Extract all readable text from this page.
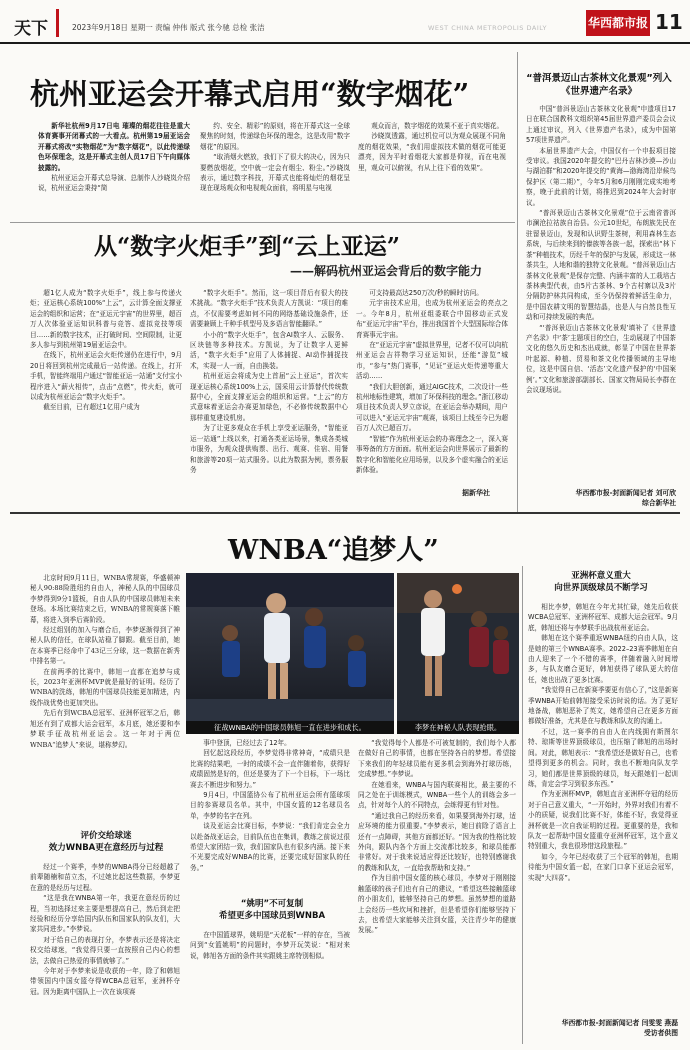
天下	2023年9月18日 星期一 责编 仲伟 版式 张今驰 总检 张洁	WEST CHINA METROPOLIS DAILY	华西都市报 11
杭州亚运会开幕式启用“数字烟花”

新华社杭州9月17日电 璀璨的烟花往往是重大体育赛事开闭幕式的一大看点。杭州第19届亚运会开幕式将改“实物烟花”为“数字烟花”，以此传递绿色环保理念，这是开幕式主创人员17日下午向媒体披露的。

杭州亚运会开幕式总导演、总制作人沙晓岚介绍说，杭州亚运会秉持“简

约、安全、精彩”的原则，将在开幕式这一全球聚焦的时刻，传递绿色环保的理念，这是改用“数字烟花”的原因。

“取消烟火燃放，我们下了很大的决心，因为只要燃放烟花，空中就一定会有烟尘、粉尘。”沙晓岚表示，通过数字科技，开幕式也能将灿烂的烟花呈现在现场观众和电视观众面前，将明星与电视

观众而言，数字烟花的效果不亚于真实烟花。

沙晓岚透露，通过机位可以为观众展现不同角度的烟花效果，“我们用虚拟技术做的烟花可能更漂亮，因为平时看烟花大家都是仰视，而在电视里，观众可以俯视，有从上往下看的效果”。

从“数字火炬手”到“云上亚运”
——解码杭州亚运会背后的数字能力

超1亿人成为“数字火炬手”，线上参与传递火炬；亚运核心系统100%“上云”，云计算全面支撑亚运会的组织和运营；在“亚运元宇宙”的世界里，超百万人次体验亚运知识科普与竞答、虚拟竞技等项目……新的数字技术，正打破时间、空间限制，让更多人参与到杭州第19届亚运会中。

在线下，杭州亚运会火炬传递仍在进行中，9月20日将回到杭州完成最后一站传递。在线上，打开手机，智能终端用户通过“智能亚运一站通”支付宝小程序进入“薪火相传”，点击“点燃”，传火炬，就可以成为杭州亚运会“数字火炬手”。

截至目前，已有超过1亿用户成为

“数字火炬手”。然而，这一项目背后有很大的技术挑战。“数字火炬手”技术负责人方凯说：“项目的难点，不仅需要考虑如何不同的网络基础设施条件，还需要兼顾上千种手机型号及多语言智能翻译。”

小小的“数字火炬手”，包含AI数字人、云服务、区块链等多种技术。方凯说，为了让数字人更鲜活，“数字火炬手”应用了人体捕捉、AI动作捕捉技术，实现一人一面，自由换装。

杭州亚运会将成为史上首届“云上亚运”，首次实现亚运核心系统100%上云，国采用云计算替代传统数据中心，全面支撑亚运会的组织和运营。“上云”的方式意味着亚运会办赛更加绿色，不必修传统数据中心那样重复建设机房。

为了让更多观众在手机上享受亚运服务，“智能亚运一站通”上线以来，打通各类亚运场景，集成各类城市服务，为观众提供购票、出行、观赛、住宿、用餐和旅游等20项一站式服务。以此为数据为例，票务服务

可支持最高达250万次/秒的瞬时访问。

元宇宙技术应用，也成为杭州亚运会的亮点之一。今年8月，杭州亚组委联合中国移动正式发布“亚运元宇宙”平台，推出我国首个大型国际综合体育赛事元宇宙。

在“亚运元宇宙”虚拟世界里，记者不仅可以向杭州亚运会吉祥物学习亚运知识，还能“游览”城市，“参与”热门赛事，“见证”亚运火炬传递等重大活动……

“我们大胆创新，通过AIGC技术，二次设计一些杭州地标性建筑，增加了环保科技的理念。”浙江移动项目技术负责人罗立彦说，在亚运会举办期间，用户可以进入“亚运元宇宙”观赛，该项目上线至今已为超百万人次已超百万。

“智能”作为杭州亚运会的办赛理念之一，深入赛事筹备的方方面面。杭州亚运会向世界展示了最新的数字化和智能化应用场景，以及多个虚实融合的亚运新体验。

据新华社
“普洱景迈山古茶林文化景观”列入《世界遗产名录》

中国“普洱景迈山古茶林文化景观”申遗项目17日在联合国教科文组织第45届世界遗产委员会会议上通过审议，列入《世界遗产名录》，成为中国第57项世界遗产。

本届世界遗产大会，中国仅有一个申报项目接受审议。我国2020年提交的“巴丹吉林沙漠—沙山与湖泊群”和2020年提交的“黄海—渤海湾沿岸候鸟保护区（第二期）”，今年5月和6月刚刚完成实地考察，晚于此前的计划，将推迟到2024年大会时审议。

“普洱景迈山古茶林文化景观”位于云南省普洱市澜沧拉祜族自治县。公元10世纪，布朗族先民在驻留景迈山，发现和认识野生茶树，利用森林生态系统，与后续来到的傣族等各族一起，探索出“林下茶”种植技术，历经千年的保护与发展，形成这一林茶共生，人地和谐的独特文化景观。“普洱景迈山古茶林文化景观”是保存完整、内涵丰富的人工栽培古茶林典型代表，由5片古茶林、9个古村寨以及3片分隔防护林共同构成，至今仍保持着鲜活生命力，是中国农耕文明的智慧结晶，也是人与自然良性互动和可持续发展的典范。

“‘普洱景迈山古茶林文化景观’填补了《世界遗产名录》中‘茶’主题项目的空白，生动展现了中国茶文化的悠久历史和杰出成就，彰显了中国在世界茶叶起源、种植、贸易和茶文化传播领域的主导地位，这是中国自信、‘活态’文化遗产保护的‘中国案例’。”文化和旅游部副部长、国家文物局局长李群在会议现场说。

华西都市报-封面新闻记者 刘可欣
综合新华社
WNBA“追梦人”

北京时间9月11日，WNBA常规赛，华盛顿神秘人90:88险胜纽约自由人，神秘人队的中国球员李梦得到9分1篮板，自由人队的中国球员韩旭未来登场。本场比赛结束之后，WNBA的常规赛落下帷幕，将进入到季后赛阶段。

经过组别的加入与磨合后，李梦逐渐得到了神秘人队的信任，在球队站稳了脚跟。截至目前，她在本赛季已经命中了43记三分球，这一数据在新秀中排名第一。

在前两季的比赛中，韩旭一直都在追梦与成长，2023年亚洲杯MVP就是最好的证明。经历了WNBA的洗练，韩旭的中国球员技能更加精进，内线作战优势也更加突出。

先后有到WCBA总冠军、亚洲杯冠军之后，韩旭还有到了成都大运会冠军，本月底，她还要和李梦联手征战杭州亚运会。这一年对于两位WNBA“追梦人”来说，堪称梦幻。

征战WNBA的中国球员韩旭一直在进步和成长。	李梦在神秘人队表现抢眼。
评价交给球迷
效力WNBA更在意经历与过程

经过一个赛季，李梦的WNBA得分已经超越了前辈随楠和苗立杰，不过她比起这些数据，李梦更在意的是经历与过程。

“这是我在WNBA第一年，我更在意经历的过程，当初选择过来主要是想提高自己，然后到走把经验和经历分享给国内队伍和国家队的队友们，大家共同进步。”李梦说。

对于给自己的表现打分，李梦表示还是将决定权交给球迷，“我觉得只要一直按照自己内心的想法，去做自己热爱的事情就够了。”

今年对于李梦来说是收获的一年，除了和韩旭带领国内中国女篮夺得WCBA总冠军，亚洲杯夺冠。因为距离中国队上一次在该项赛

事中登顶，已经过去了12年。

回忆起这段经历，李梦觉得非常神奇，“成绩只是比赛的结果吧，一时的成绩不会一直伴随着你，获得好成绩固然是好的，但还是要为了下一个目标，下一场比赛去不断进步和努力。”

9月4日，中国篮协公布了杭州亚运会所有篮球项目的参赛球员名单。其中，中国女篮的12名球员名单，李梦的名字在列。

谈及亚运会比赛目标，李梦说：“我们肯定会全力以赴备战亚运会，目前队伍也在集训，教练之前说过很希望大家团结一致，我们国家队也有很多内涵。接下来不光要完成好WNBA的比赛，还要完成好国家队的任务。”

“姚明”不可复制
希望更多中国球员到WNBA

在中国篮球界，姚明是“天花板”一样的存在，当被问到“女篮姚明”的问题时，李梦开玩笑说：“相对来说，韩旭各方面的条件其实跟姚主席特别相似。

“我觉得每个人都是不可被复制的，我们每个人都在做好自己的事情，也都在坚持各自的梦想。希望接下来我们的年轻球员能有更多机会到海外打球历练，完成梦想。”李梦说。

在她看来，WNBA与国内联赛相比，最主要的不同之处在于训练模式，WNBA一些个人的训练会多一点，针对每个人的不同特点，会练得更有针对性。

“通过我自己的经历来看，如果要到海外打球，适应环境的能力很重要。”李梦表示，她目前除了语言上还有一点障碍，其他方面都还好。“因为我的性格比较外向，跟队内各个方面上交流都比较多，和球员能都非常好。对于我来说适应得还比较好，也特别感谢我的教练和队友，一直给我帮助和支持。”

作为目前中国女篮的核心球员，李梦对于刚刚接触篮球的孩子们也有自己的建议，“希望这些接触篮球的小朋友们，能够坚持自己的梦想。虽然梦想的道路上会经历一些坎坷和挫折，但是希望你们能够坚持下去，也希望大家能够关注到女篮，关注青少年的健康发展。”

亚洲杯意义重大
向世界顶级球员不断学习

相比李梦，韩旭在今年尤其忙碌，她先后收获WCBA总冠军、亚洲杯冠军、成都大运会冠军。9月底，韩旭还将与李梦联手出战杭州亚运会。

韩旭在这个赛季重返WNBA纽约自由人队，这是她的第三个WNBA赛季。2022–23赛季韩旭在自由人迎来了一个不错的赛季，伴随着融入时间增多，与队友磨合更好，韩旭获得了球队更大的信任，她也出战了更多比赛。

“我觉得自己在新赛季要更有信心了，”这是新赛季WNBA开始前韩旭接受采访时说的话。为了更好地备战，韩旭恶补了英文，她希望自己在更多方面都做好准备，尤其是在与教练和队友的沟通上。

不过，这一赛季的自由人在内线拥有斯图尔特、琼斯等世界顶级球员，也压缩了韩旭的出场时间。对此，韩旭表示：“我希望还是做好自己，也希望得到更多的机会。同时，我也不断地向队友学习，她们都是世界顶级的球员，每天跟她们一起训练，肯定会学习到很多东西。”

作为亚洲杯MVP，韩旭直言亚洲杯夺冠的经历对于自己意义重大，“一开始时，外界对我们有着不小的质疑，说我们比赛不好，体能不好，我觉得亚洲杯就是一次自我证明的过程。更重要的是，我和队友一起帮助中国女篮重夺亚洲杯冠军，这个意义特别重大，我也很珍惜这段旅程。”

如今，今年已经收获了三个冠军的韩旭，也期待能为中国女篮一起，在家门口拿下亚运会冠军，实现“大四喜”。

华西都市报-封面新闻记者 闫雯雯 燕磊
受访者供图
